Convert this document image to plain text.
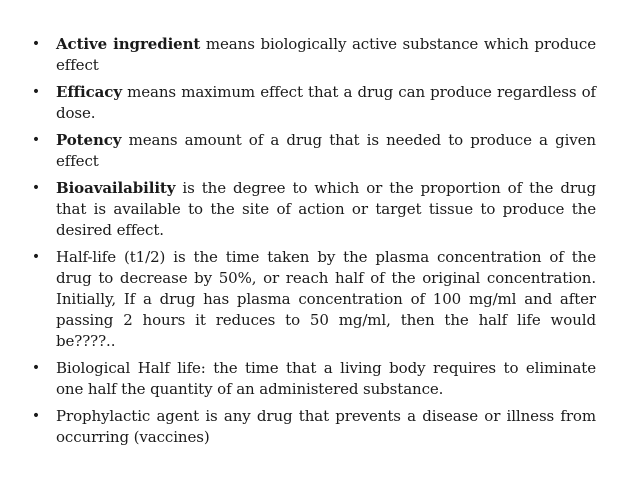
• Active ingredient means biologically active substance which produce effect
• Efficacy means maximum effect that a drug can produce regardless of dose.
• Potency means amount of a drug that is needed to produce a given effect
• Bioavailability is the degree to which or the proportion of the drug that is available to the site of action or target tissue to produce the desired effect.
• Half-life (t1/2) is the time taken by the plasma concentration of the drug to decrease by 50%, or reach half of the original concentration. Initially, If a drug has plasma concentration of 100 mg/ml and after passing 2 hours it reduces to 50 mg/ml, then the half life would be????..
• Biological Half life: the time that a living body requires to eliminate one half the quantity of an administered substance.
• Prophylactic agent is any drug that prevents a disease or illness from occurring (vaccines)
